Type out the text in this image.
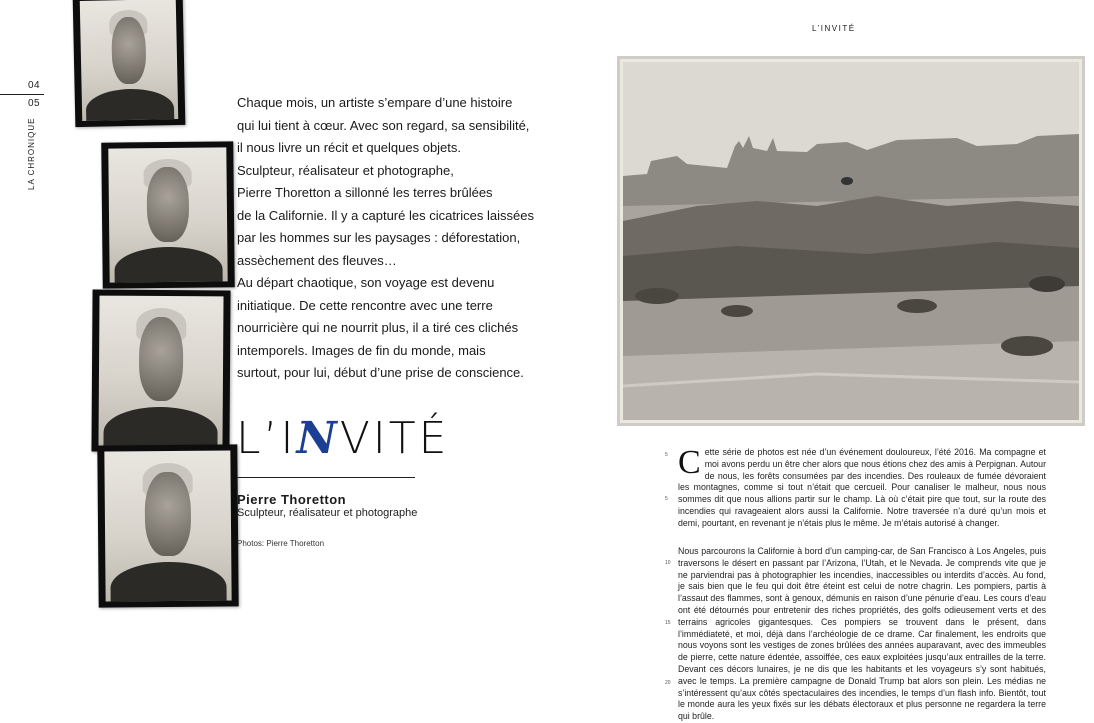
04
05
LA CHRONIQUE

Chaque mois, un artiste s’empare d’une histoire

qui lui tient à cœur. Avec son regard, sa sensibilité,

il nous livre un récit et quelques objets.

Sculpteur, réalisateur et photographe,

Pierre Thoretton a sillonné les terres brûlées

de la Californie. Il y a capturé les cicatrices laissées

par les hommes sur les paysages : déforestation,

assèchement des fleuves…

Au départ chaotique, son voyage est devenu

initiatique. De cette rencontre avec une terre

nourricière qui ne nourrit plus, il a tiré ces clichés

intemporels. Images de fin du monde, mais

surtout, pour lui, début d’une prise de conscience.

L’INVITÉ
Pierre Thoretton
Sculpteur, réalisateur et photographe
Photos: Pierre Thoretton
L’INVITÉ
5
5
10
15
20

Cette série de photos est née d’un événement douloureux, l’été 2016. Ma compagne et moi avons perdu un être cher alors que nous étions chez des amis à Perpignan. Autour de nous, les forêts consumées par des incendies. Des rouleaux de fumée dévoraient les montagnes, comme si tout n’était que cercueil. Pour canaliser le malheur, nous nous sommes dit que nous allions partir sur le champ. Là où c’était pire que tout, sur la route des incendies qui ravageaient alors aussi la Californie. Notre traversée n’a duré qu’un mois et demi, pourtant, en revenant je n’étais plus le même. Je m’étais autorisé à changer.

Nous parcourons la Californie à bord d’un camping-car, de San Francisco à Los Angeles, puis traversons le désert en passant par l’Arizona, l’Utah, et le Nevada. Je comprends vite que je ne parviendrai pas à photographier les incendies, inaccessibles ou interdits d’accès. Au fond, je sais bien que le feu qui doit être éteint est celui de notre chagrin. Les pompiers, partis à l’assaut des flammes, sont à genoux, démunis en raison d’une pénurie d’eau. Les cours d’eau ont été détournés pour entretenir des riches propriétés, des golfs odieusement verts et des terrains agricoles gigantesques. Ces pompiers se trouvent dans le présent, dans l’immédiateté, et moi, déjà dans l’archéologie de ce drame. Car finalement, les endroits que nous voyons sont les vestiges de zones brûlées des années auparavant, avec des immeubles de pierre, cette nature édentée, assoiffée, ces eaux exploitées jusqu’aux entrailles de la terre. Devant ces décors lunaires, je ne dis que les habitants et les voyageurs s’y sont habitués, avec le temps. La première campagne de Donald Trump bat alors son plein. Les médias ne s’intéressent qu’aux côtés spectaculaires des incendies, le temps d’un flash info. Bientôt, tout le monde aura les yeux fixés sur les débats électoraux et plus personne ne regardera la terre qui brûle.
